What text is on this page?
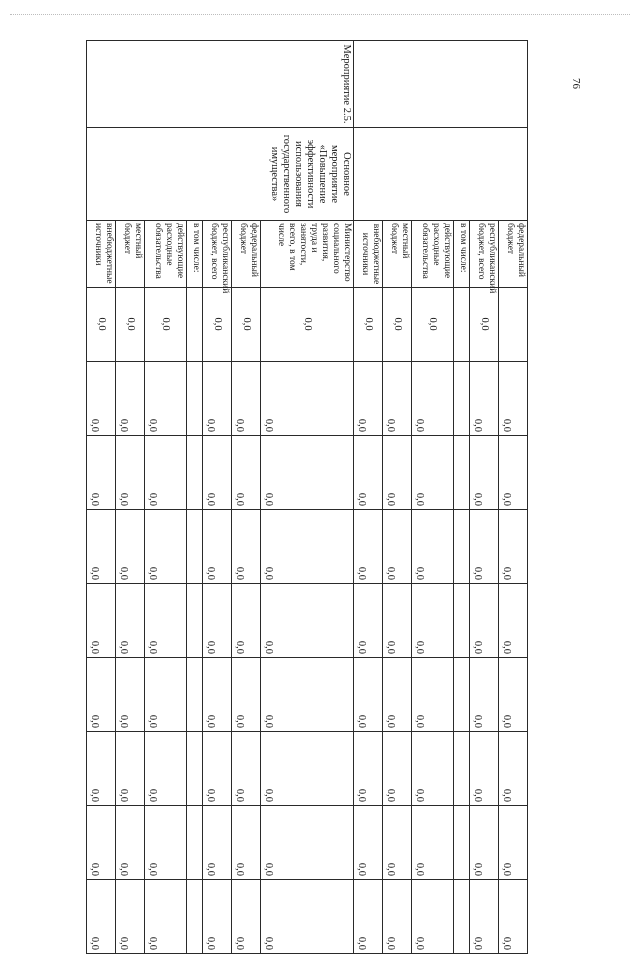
76
		федеральный бюджет		0,0	0,0	0,0	0,0	0,0	0,0	0,0	0,0
		республиканский бюджет, всего	0,0	0,0	0,0	0,0	0,0	0,0	0,0	0,0	0,0
		в том числе:									
		действующие расходные обязательства	0,0	0,0	0,0	0,0	0,0	0,0	0,0	0,0	0,0
		местный бюджет	0,0	0,0	0,0	0,0	0,0	0,0	0,0	0,0	0,0
		внебюджетные источники	0,0	0,0	0,0	0,0	0,0	0,0	0,0	0,0	0,0
Мероприятие 2.5.	Основное мероприятие «Повышение эффективности использования государственного имущества»	Министерство социального развития, труда и занятости, всего, в том числе	0,0	0,0	0,0	0,0	0,0	0,0	0,0	0,0	0,0
		федеральный бюджет	0,0	0,0	0,0	0,0	0,0	0,0	0,0	0,0	0,0
		республиканский бюджет, всего	0,0	0,0	0,0	0,0	0,0	0,0	0,0	0,0	0,0
		в том числе:									
		действующие расходные обязательства	0,0	0,0	0,0	0,0	0,0	0,0	0,0	0,0	0,0
		местный бюджет	0,0	0,0	0,0	0,0	0,0	0,0	0,0	0,0	0,0
		внебюджетные источники	0,0	0,0	0,0	0,0	0,0	0,0	0,0	0,0	0,0
